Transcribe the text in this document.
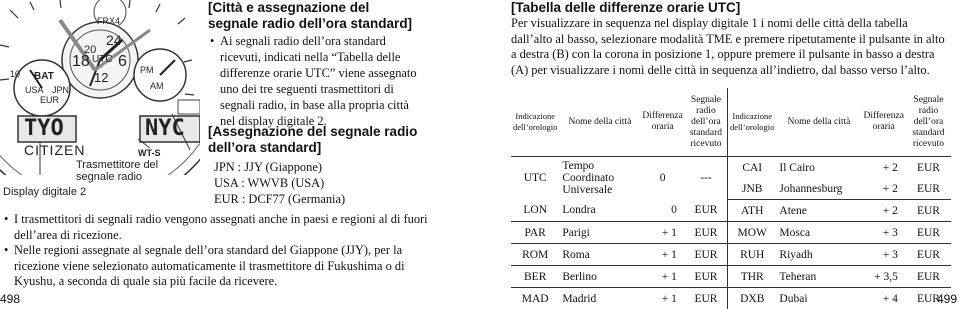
FRX4
24
20
UTC
18
12
10
6
BAT
USA JPN
EUR
WT-S
AM
PM
TYO	NYC
CITIZEN
Trasmettitore del segnale radio
Display digitale 2
[Città e assegnazione del segnale radio dell’ora standard]
• Ai segnali radio dell’ora standard ricevuti, indicati nella “Tabella delle differenze orarie UTC” viene assegnato uno dei tre seguenti trasmettitori di segnali radio, in base alla propria città nel display digitale 2.
[Assegnazione del segnale radio dell’ora standard]
JPN : JJY (Giappone)
USA : WWVB (USA)
EUR : DCF77 (Germania)
• I trasmettitori di segnali radio vengono assegnati anche in paesi e regioni al di fuori dell’area di ricezione.
• Nelle regioni assegnate al segnale dell’ora standard del Giappone (JJY), per la ricezione viene selezionato automaticamente il trasmettitore di Fukushima o di Kyushu, a seconda di quale sia più facile da ricevere.
498
[Tabella delle differenze orarie UTC]
Per visualizzare in sequenza nel display digitale 1 i nomi delle città della tabella dall’alto al basso, selezionare modalità TME e premere ripetutamente il pulsante in alto a destra (B) con la corona in posizione 1, oppure premere il pulsante in basso a destra (A) per visualizzare i nomi delle città in sequenza all’indietro, dal basso verso l’alto.
Indicazione dell’orologio	Nome della città	Differenza oraria	Segnale radio dell’ora standard ricevuto	Indicazione dell’orologio	Nome della città	Differenza oraria	Segnale radio dell’ora standard ricevuto
UTC	Tempo Coordinato Universale	0	---	CAI	Il Cairo	+ 2	EUR
				JNB	Johannesburg	+ 2	EUR
LON	Londra	0	EUR	ATH	Atene	+ 2	EUR
PAR	Parigi	+ 1	EUR	MOW	Mosca	+ 3	EUR
ROM	Roma	+ 1	EUR	RUH	Riyadh	+ 3	EUR
BER	Berlino	+ 1	EUR	THR	Teheran	+ 3,5	EUR
MAD	Madrid	+ 1	EUR	DXB	Dubai	+ 4	EUR
499
